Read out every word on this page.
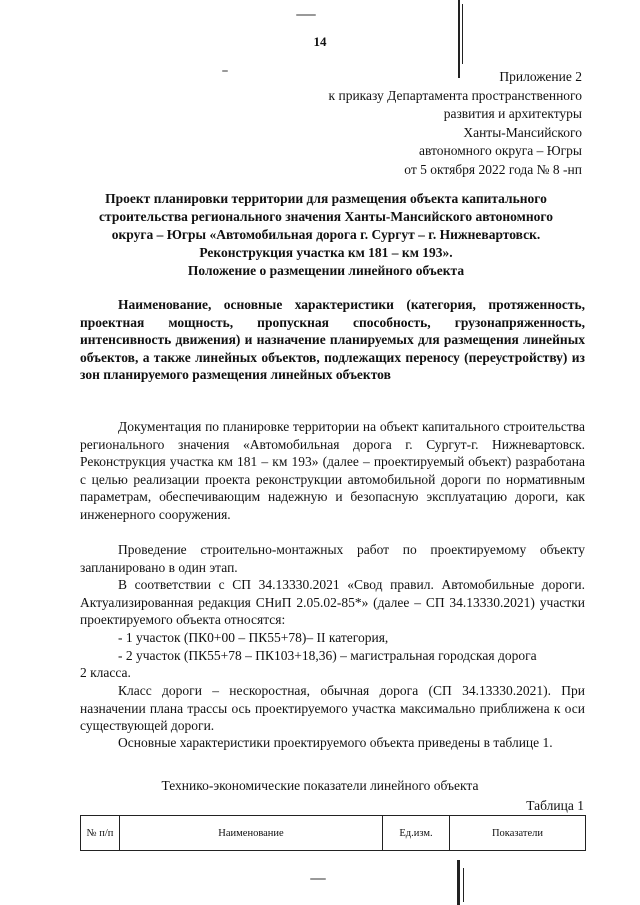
14
Приложение 2
к приказу Департамента пространственного
развития и архитектуры
Ханты-Мансийского
автономного округа – Югры
от 5 октября 2022 года № 8 -нп
Проект планировки территории для размещения объекта капитального
строительства регионального значения Ханты-Мансийского автономного
округа – Югры «Автомобильная дорога г. Сургут – г. Нижневартовск.
Реконструкция участка км 181 – км 193».
Положение о размещении линейного объекта
Наименование, основные характеристики (категория, протяженность, проектная мощность, пропускная способность, грузонапряженность, интенсивность движения) и назначение планируемых для размещения линейных объектов, а также линейных объектов, подлежащих переносу (переустройству) из зон планируемого размещения линейных объектов
Документация по планировке территории на объект капитального строительства регионального значения «Автомобильная дорога г. Сургут-г. Нижневартовск. Реконструкция участка км 181 – км 193» (далее – проектируемый объект) разработана с целью реализации проекта реконструкции автомобильной дороги по нормативным параметрам, обеспечивающим надежную и безопасную эксплуатацию дороги, как инженерного сооружения.
Проведение строительно-монтажных работ по проектируемому объекту запланировано в один этап.
В соответствии с СП 34.13330.2021 «Свод правил. Автомобильные дороги. Актуализированная редакция СНиП 2.05.02-85*» (далее – СП 34.13330.2021) участки проектируемого объекта относятся:
- 1 участок (ПК0+00 – ПК55+78)– II категория,
- 2 участок (ПК55+78 – ПК103+18,36) – магистральная городская дорога
2 класса.
Класс дороги – нескоростная, обычная дорога (СП 34.13330.2021). При назначении плана трассы ось проектируемого участка максимально приближена к оси существующей дороги.
Основные характеристики проектируемого объекта приведены в таблице 1.
Технико-экономические показатели линейного объекта
Таблица 1
№ п/п	Наименование	Ед.изм.	Показатели
